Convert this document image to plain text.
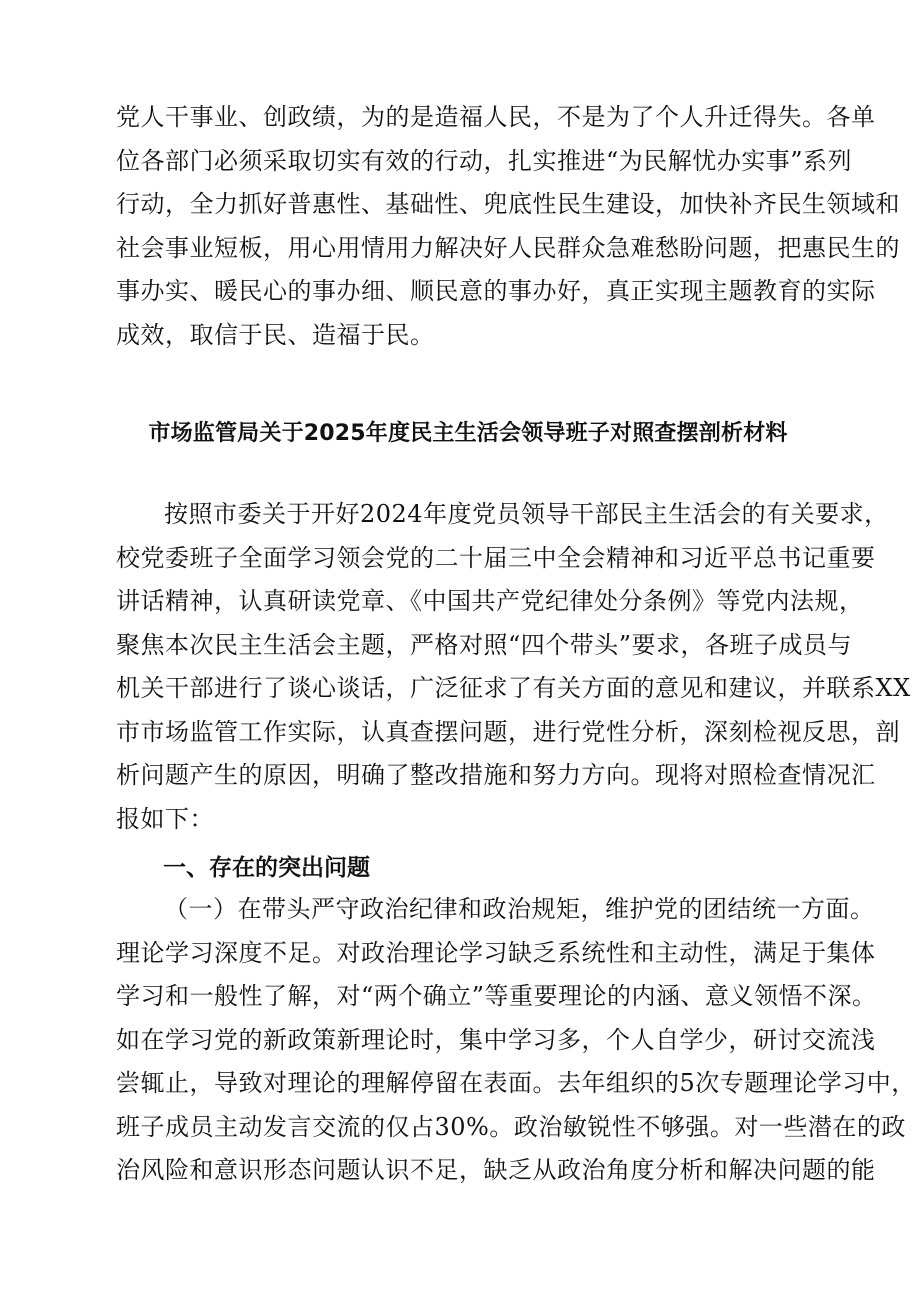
党人干事业、创政绩，为的是造福人民，不是为了个人升迁得失。各单
位各部门必须采取切实有效的行动，扎实推进“为民解忧办实事”系列
行动，全力抓好普惠性、基础性、兜底性民生建设，加快补齐民生领域和
社会事业短板，用心用情用力解决好人民群众急难愁盼问题，把惠民生的
事办实、暖民心的事办细、顺民意的事办好，真正实现主题教育的实际
成效，取信于民、造福于民。
市场监管局关于2025年度民主生活会领导班子对照查摆剖析材料
按照市委关于开好2024年度党员领导干部民主生活会的有关要求，
校党委班子全面学习领会党的二十届三中全会精神和习近平总书记重要
讲话精神，认真研读党章、《中国共产党纪律处分条例》等党内法规，
聚焦本次民主生活会主题，严格对照“四个带头”要求，各班子成员与
机关干部进行了谈心谈话，广泛征求了有关方面的意见和建议，并联系XX
市市场监管工作实际，认真查摆问题，进行党性分析，深刻检视反思，剖
析问题产生的原因，明确了整改措施和努力方向。现将对照检查情况汇
报如下：
一、存在的突出问题
（一）在带头严守政治纪律和政治规矩，维护党的团结统一方面。
理论学习深度不足。对政治理论学习缺乏系统性和主动性，满足于集体
学习和一般性了解，对“两个确立”等重要理论的内涵、意义领悟不深。
如在学习党的新政策新理论时，集中学习多，个人自学少，研讨交流浅
尝辄止，导致对理论的理解停留在表面。去年组织的5次专题理论学习中，
班子成员主动发言交流的仅占30%。政治敏锐性不够强。对一些潜在的政
治风险和意识形态问题认识不足，缺乏从政治角度分析和解决问题的能
